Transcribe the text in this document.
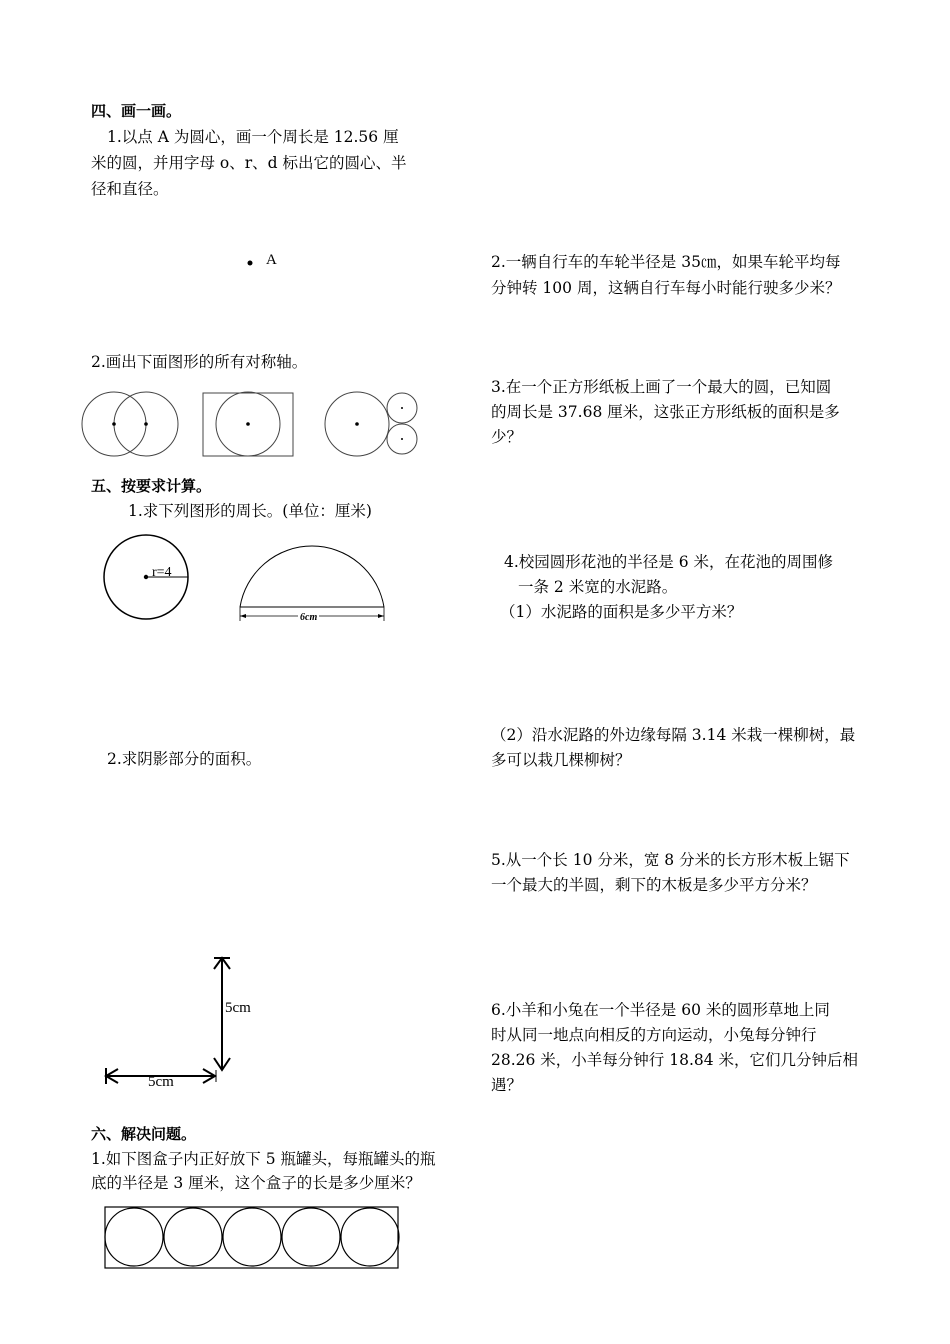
四、画一画。
1.以点 A 为圆心，画一个周长是 12.56 厘
米的圆，并用字母 o、r、d 标出它的圆心、半
径和直径。
A
2.画出下面图形的所有对称轴。
五、按要求计算。
1.求下列图形的周长。(单位：厘米)
r=4
6cm
2.求阴影部分的面积。
5cm
5cm
六、解决问题。
1.如下图盒子内正好放下 5 瓶罐头，每瓶罐头的瓶
底的半径是 3 厘米，这个盒子的长是多少厘米？
2.一辆自行车的车轮半径是 35㎝，如果车轮平均每
分钟转 100 周，这辆自行车每小时能行驶多少米？
3.在一个正方形纸板上画了一个最大的圆，已知圆
的周长是 37.68 厘米，这张正方形纸板的面积是多
少？
4.校园圆形花池的半径是 6 米，在花池的周围修
一条 2 米宽的水泥路。
（1）水泥路的面积是多少平方米？
（2）沿水泥路的外边缘每隔 3.14 米栽一棵柳树，最
多可以栽几棵柳树？
5.从一个长 10 分米，宽 8 分米的长方形木板上锯下
一个最大的半圆，剩下的木板是多少平方分米？
6.小羊和小兔在一个半径是 60 米的圆形草地上同
时从同一地点向相反的方向运动，小兔每分钟行
28.26 米，小羊每分钟行 18.84 米，它们几分钟后相
遇？
